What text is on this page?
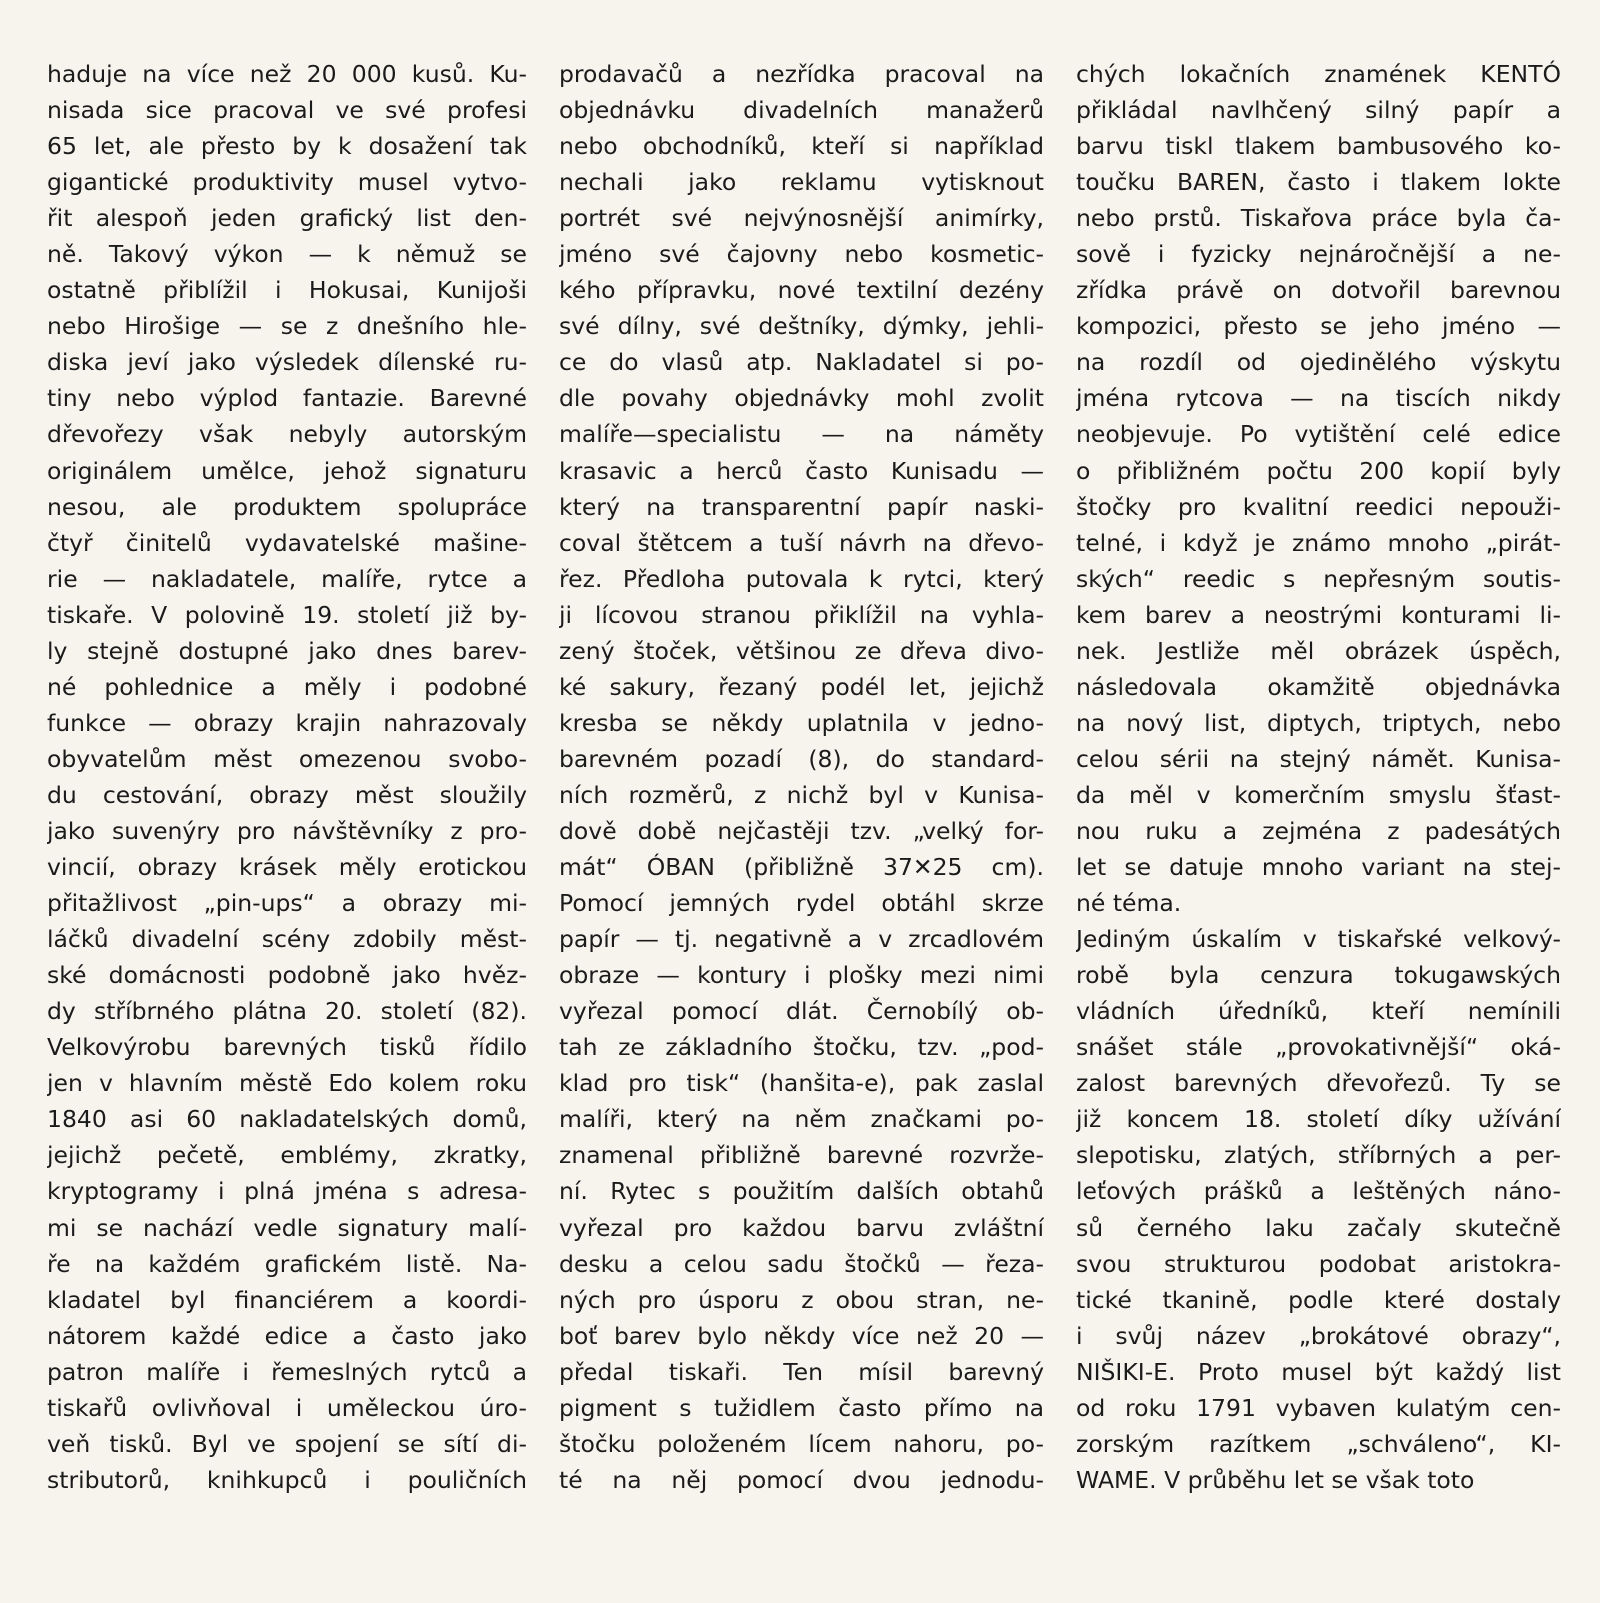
haduje na více než 20 000 kusů. Ku-
nisada sice pracoval ve své profesi
65 let, ale přesto by k dosažení tak
gigantické produktivity musel vytvo-
řit alespoň jeden grafický list den-
ně. Takový výkon — k němuž se
ostatně přiblížil i Hokusai, Kunijoši
nebo Hirošige — se z dnešního hle-
diska jeví jako výsledek dílenské ru-
tiny nebo výplod fantazie. Barevné
dřevořezy však nebyly autorským
originálem umělce, jehož signaturu
nesou, ale produktem spolupráce
čtyř činitelů vydavatelské mašine-
rie — nakladatele, malíře, rytce a
tiskaře. V polovině 19. století již by-
ly stejně dostupné jako dnes barev-
né pohlednice a měly i podobné
funkce — obrazy krajin nahrazovaly
obyvatelům měst omezenou svobo-
du cestování, obrazy měst sloužily
jako suvenýry pro návštěvníky z pro-
vincií, obrazy krásek měly erotickou
přitažlivost „pin-ups“ a obrazy mi-
láčků divadelní scény zdobily měst-
ské domácnosti podobně jako hvěz-
dy stříbrného plátna 20. století (82).
Velkovýrobu barevných tisků řídilo
jen v hlavním městě Edo kolem roku
1840 asi 60 nakladatelských domů,
jejichž pečetě, emblémy, zkratky,
kryptogramy i plná jména s adresa-
mi se nachází vedle signatury malí-
ře na každém grafickém listě. Na-
kladatel byl financiérem a koordi-
nátorem každé edice a často jako
patron malíře i řemeslných rytců a
tiskařů ovlivňoval i uměleckou úro-
veň tisků. Byl ve spojení se sítí di-
stributorů, knihkupců i pouličních
prodavačů a nezřídka pracoval na
objednávku divadelních manažerů
nebo obchodníků, kteří si například
nechali jako reklamu vytisknout
portrét své nejvýnosnější animírky,
jméno své čajovny nebo kosmetic-
kého přípravku, nové textilní dezény
své dílny, své deštníky, dýmky, jehli-
ce do vlasů atp. Nakladatel si po-
dle povahy objednávky mohl zvolit
malíře—specialistu — na náměty
krasavic a herců často Kunisadu —
který na transparentní papír naski-
coval štětcem a tuší návrh na dřevo-
řez. Předloha putovala k rytci, který
ji lícovou stranou přiklížil na vyhla-
zený štoček, většinou ze dřeva divo-
ké sakury, řezaný podél let, jejichž
kresba se někdy uplatnila v jedno-
barevném pozadí (8), do standard-
ních rozměrů, z nichž byl v Kunisa-
dově době nejčastěji tzv. „velký for-
mát“ ÓBAN (přibližně 37✕25 cm).
Pomocí jemných rydel obtáhl skrze
papír — tj. negativně a v zrcadlovém
obraze — kontury i plošky mezi nimi
vyřezal pomocí dlát. Černobílý ob-
tah ze základního štočku, tzv. „pod-
klad pro tisk“ (hanšita-e), pak zaslal
malíři, který na něm značkami po-
znamenal přibližně barevné rozvrže-
ní. Rytec s použitím dalších obtahů
vyřezal pro každou barvu zvláštní
desku a celou sadu štočků — řeza-
ných pro úsporu z obou stran, ne-
boť barev bylo někdy více než 20 —
předal tiskaři. Ten mísil barevný
pigment s tužidlem často přímo na
štočku položeném lícem nahoru, po-
té na něj pomocí dvou jednodu-
chých lokačních znamének KENTÓ
přikládal navlhčený silný papír a
barvu tiskl tlakem bambusového ko-
toučku BAREN, často i tlakem lokte
nebo prstů. Tiskařova práce byla ča-
sově i fyzicky nejnáročnější a ne-
zřídka právě on dotvořil barevnou
kompozici, přesto se jeho jméno —
na rozdíl od ojedinělého výskytu
jména rytcova — na tiscích nikdy
neobjevuje. Po vytištění celé edice
o přibližném počtu 200 kopií byly
štočky pro kvalitní reedici nepouži-
telné, i když je známo mnoho „pirát-
ských“ reedic s nepřesným soutis-
kem barev a neostrými konturami li-
nek. Jestliže měl obrázek úspěch,
následovala okamžitě objednávka
na nový list, diptych, triptych, nebo
celou sérii na stejný námět. Kunisa-
da měl v komerčním smyslu šťast-
nou ruku a zejména z padesátých
let se datuje mnoho variant na stej-
né téma.
Jediným úskalím v tiskařské velkový-
robě byla cenzura tokugawských
vládních úředníků, kteří nemínili
snášet stále „provokativnější“ oká-
zalost barevných dřevořezů. Ty se
již koncem 18. století díky užívání
slepotisku, zlatých, stříbrných a per-
leťových prášků a leštěných náno-
sů černého laku začaly skutečně
svou strukturou podobat aristokra-
tické tkanině, podle které dostaly
i svůj název „brokátové obrazy“,
NIŠIKI-E. Proto musel být každý list
od roku 1791 vybaven kulatým cen-
zorským razítkem „schváleno“, KI-
WAME. V průběhu let se však toto
